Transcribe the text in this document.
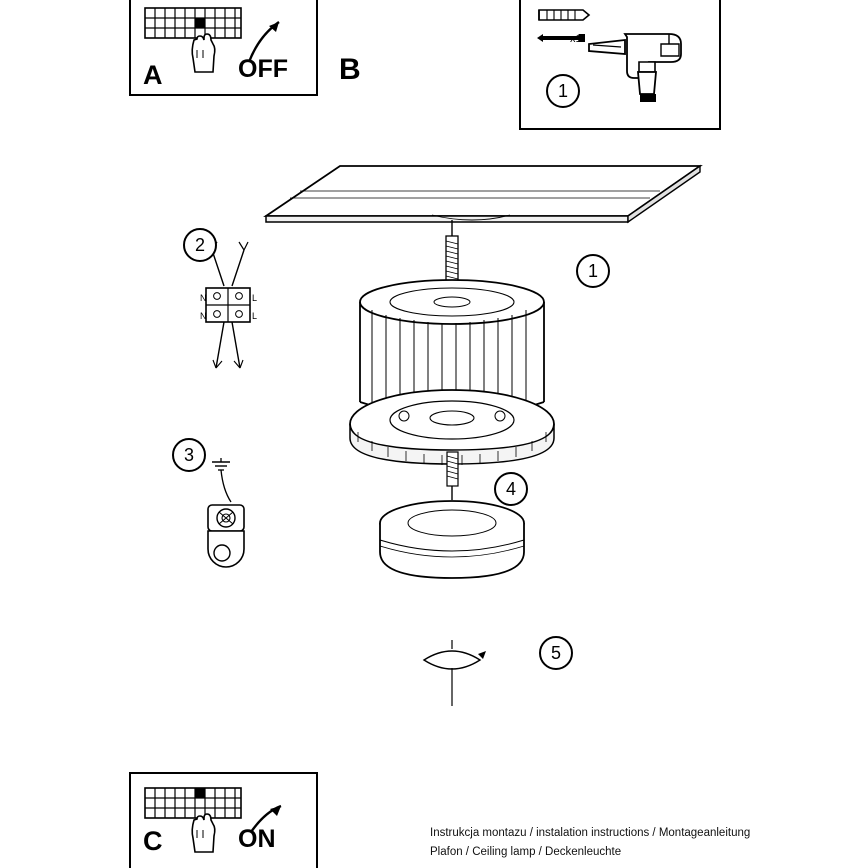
A	OFF B
1
x1
C	ON
N	L
N	L
1
2
3
4
5
Instrukcja montazu / instalation instructions / Montageanleitung
Plafon / Ceiling lamp / Deckenleuchte
